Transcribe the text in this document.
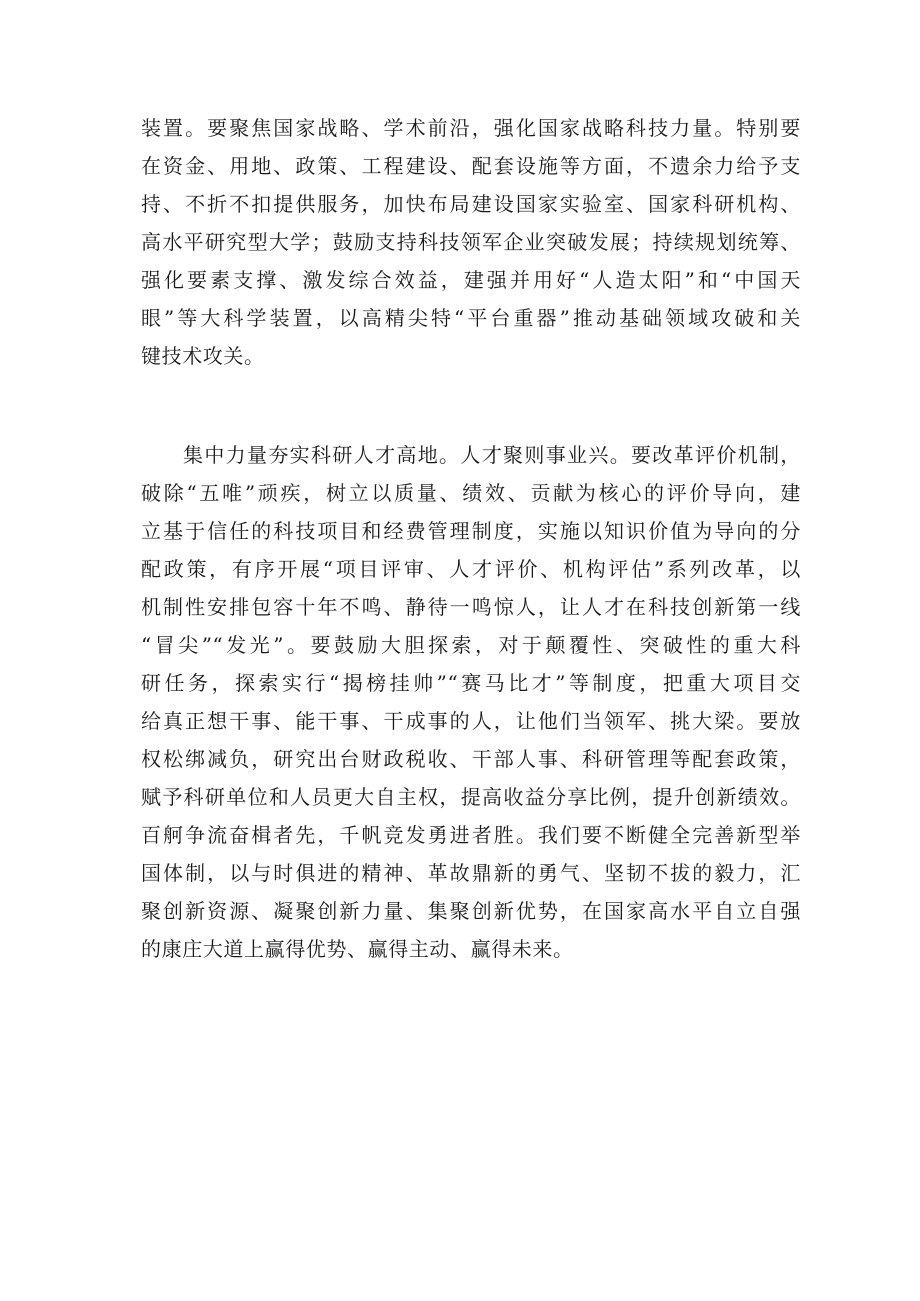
装置。要聚焦国家战略、学术前沿，强化国家战略科技力量。特别要
在资金、用地、政策、工程建设、配套设施等方面，不遗余力给予支
持、不折不扣提供服务，加快布局建设国家实验室、国家科研机构、
高水平研究型大学；鼓励支持科技领军企业突破发展；持续规划统筹、
强化要素支撑、激发综合效益，建强并用好“人造太阳”和“中国天
眼”等大科学装置，以高精尖特“平台重器”推动基础领域攻破和关
键技术攻关。
集中力量夯实科研人才高地。人才聚则事业兴。要改革评价机制，
破除“五唯”顽疾，树立以质量、绩效、贡献为核心的评价导向，建
立基于信任的科技项目和经费管理制度，实施以知识价值为导向的分
配政策，有序开展“项目评审、人才评价、机构评估”系列改革，以
机制性安排包容十年不鸣、静待一鸣惊人，让人才在科技创新第一线
“冒尖”“发光”。要鼓励大胆探索，对于颠覆性、突破性的重大科
研任务，探索实行“揭榜挂帅”“赛马比才”等制度，把重大项目交
给真正想干事、能干事、干成事的人，让他们当领军、挑大梁。要放
权松绑减负，研究出台财政税收、干部人事、科研管理等配套政策，
赋予科研单位和人员更大自主权，提高收益分享比例，提升创新绩效。
百舸争流奋楫者先，千帆竞发勇进者胜。我们要不断健全完善新型举
国体制，以与时俱进的精神、革故鼎新的勇气、坚韧不拔的毅力，汇
聚创新资源、凝聚创新力量、集聚创新优势，在国家高水平自立自强
的康庄大道上赢得优势、赢得主动、赢得未来。
